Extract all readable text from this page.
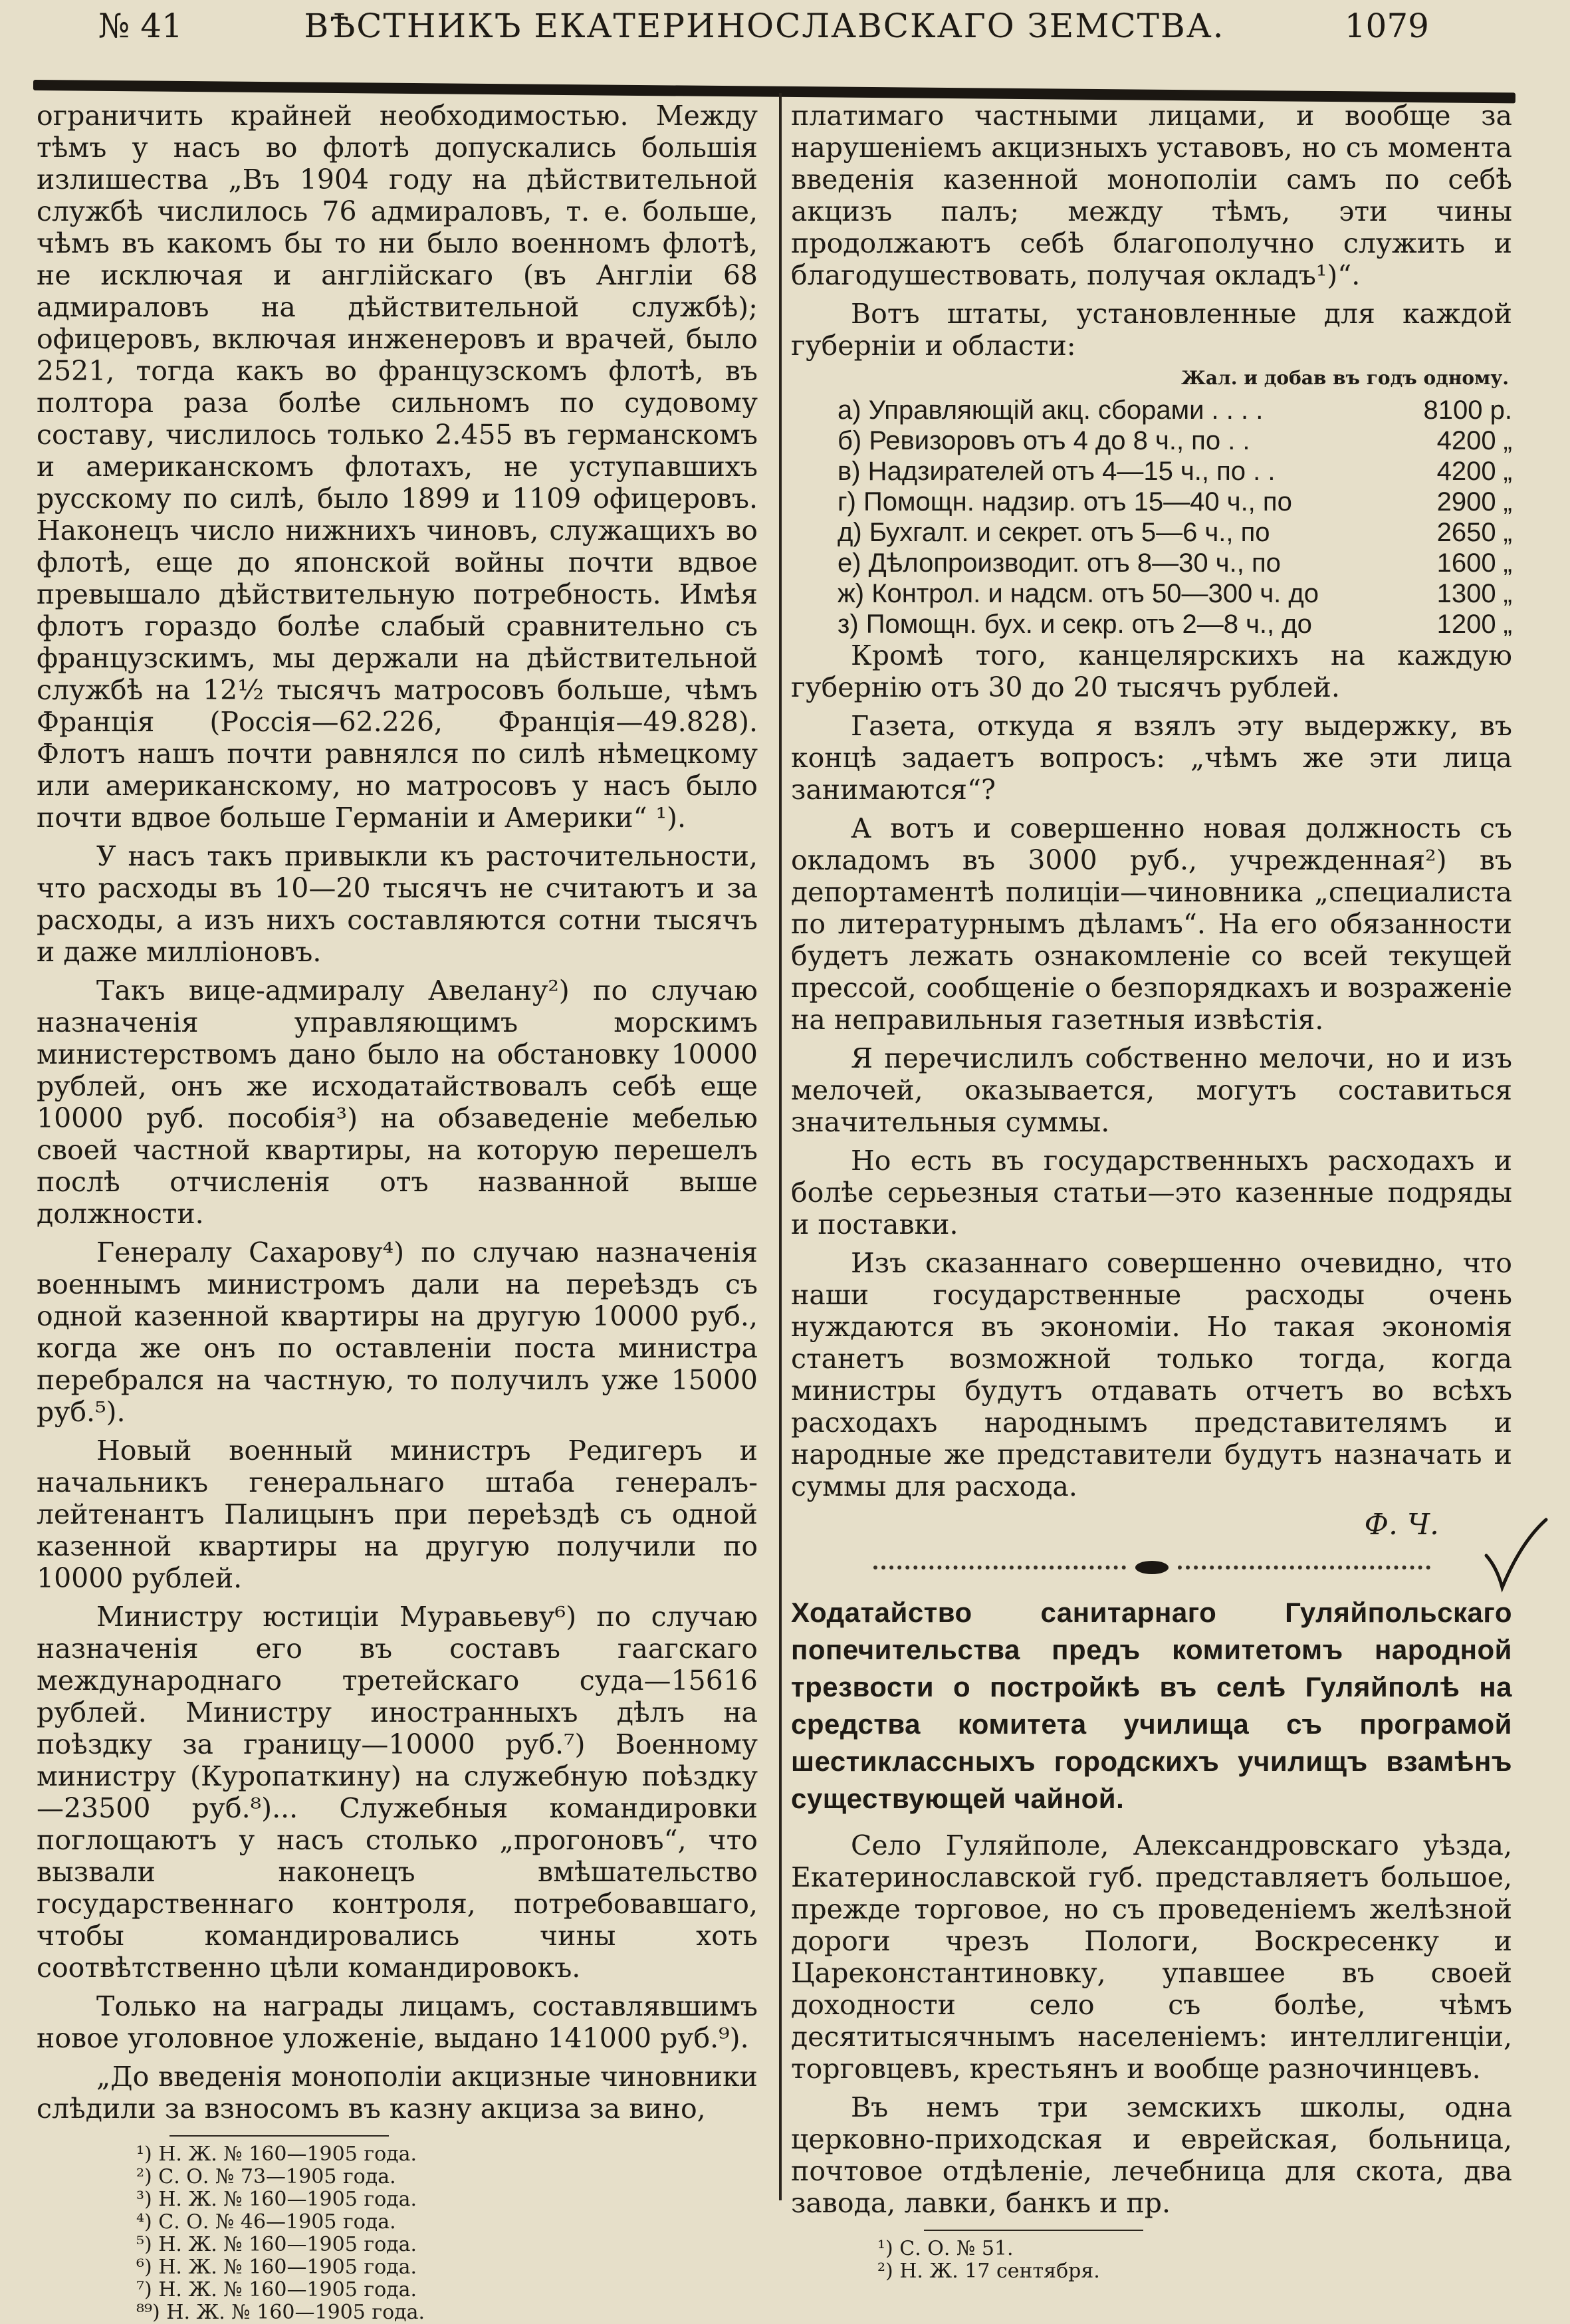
№ 41	ВѢСТНИКЪ ЕКАТЕРИНОСЛАВСКАГО ЗЕМСТВА.	1079

ограничить крайней необходимостью. Между тѣмъ у насъ во флотѣ допускались большія излишества „Въ 1904 году на дѣйствительной службѣ числилось 76 адмираловъ, т. е. больше, чѣмъ въ какомъ бы то ни было военномъ флотѣ, не исключая и англійскаго (въ Англіи 68 адмираловъ на дѣйствительной службѣ); офицеровъ, включая инженеровъ и врачей, было 2521, тогда какъ во французскомъ флотѣ, въ полтора раза болѣе сильномъ по судовому составу, числилось только 2.455 въ германскомъ и американскомъ флотахъ, не уступавшихъ русскому по силѣ, было 1899 и 1109 офицеровъ. Наконецъ число нижнихъ чиновъ, служащихъ во флотѣ, еще до японской войны почти вдвое превышало дѣйствительную потребность. Имѣя флотъ гораздо болѣе слабый сравнительно съ французскимъ, мы держали на дѣйствительной службѣ на 12½ тысячъ матросовъ больше, чѣмъ Франція (Россія—62.226, Франція—49.828). Флотъ нашъ почти равнялся по силѣ нѣмецкому или американскому, но матросовъ у насъ было почти вдвое больше Германіи и Америки“ ¹).

У насъ такъ привыкли къ расточительности, что расходы въ 10—20 тысячъ не считаютъ и за расходы, а изъ нихъ составляются сотни тысячъ и даже милліоновъ.

Такъ вице-адмиралу Авелану²) по случаю назначенія управляющимъ морскимъ министерствомъ дано было на обстановку 10000 рублей, онъ же исходатайствовалъ себѣ еще 10000 руб. пособія³) на обзаведеніе мебелью своей частной квартиры, на которую перешелъ послѣ отчисленія отъ названной выше должности.

Генералу Сахарову⁴) по случаю назначенія военнымъ министромъ дали на переѣздъ съ одной казенной квартиры на другую 10000 руб., когда же онъ по оставленіи поста министра перебрался на частную, то получилъ уже 15000 руб.⁵).

Новый военный министръ Редигеръ и начальникъ генеральнаго штаба генералъ-лейтенантъ Палицынъ при переѣздѣ съ одной казенной квартиры на другую получили по 10000 рублей.

Министру юстиціи Муравьеву⁶) по случаю назначенія его въ составъ гаагскаго международнаго третейскаго суда—15616 рублей. Министру иностранныхъ дѣлъ на поѣздку за границу—10000 руб.⁷) Военному министру (Куропаткину) на служебную поѣздку—23500 руб.⁸)... Служебныя командировки поглощаютъ у насъ столько „прогоновъ“, что вызвали наконецъ вмѣшательство государственнаго контроля, потребовавшаго, чтобы командировались чины хоть соотвѣтственно цѣли командировокъ.

Только на награды лицамъ, составлявшимъ новое уголовное уложеніе, выдано 141000 руб.⁹).

„До введенія монополіи акцизные чиновники слѣдили за взносомъ въ казну акциза за вино,

¹) Н. Ж. № 160—1905 года.
²) С. О. № 73—1905 года.
³) Н. Ж. № 160—1905 года.
⁴) С. О. № 46—1905 года.
⁵) Н. Ж. № 160—1905 года.
⁶) Н. Ж. № 160—1905 года.
⁷) Н. Ж. № 160—1905 года.
⁸⁹) Н. Ж. № 160—1905 года.

платимаго частными лицами, и вообще за нарушеніемъ акцизныхъ уставовъ, но съ момента введенія казенной монополіи самъ по себѣ акцизъ палъ; между тѣмъ, эти чины продолжаютъ себѣ благополучно служить и благодушествовать, получая окладъ¹)“.

Вотъ штаты, установленные для каждой губерніи и области:

Жал. и добав въ годъ одному.
а) Управляющій акц. сборами . . . .	8100 р.
б) Ревизоровъ отъ 4 до 8 ч., по . .	4200 „
в) Надзирателей отъ 4—15 ч., по . .	4200 „
г) Помощн. надзир. отъ 15—40 ч., по	2900 „
д) Бухгалт. и секрет. отъ 5—6 ч., по	2650 „
е) Дѣлопроизводит. отъ 8—30 ч., по	1600 „
ж) Контрол. и надсм. отъ 50—300 ч. до	1300 „
з) Помощн. бух. и секр. отъ 2—8 ч., до	1200 „

Кромѣ того, канцелярскихъ на каждую губернію отъ 30 до 20 тысячъ рублей.

Газета, откуда я взялъ эту выдержку, въ концѣ задаетъ вопросъ: „чѣмъ же эти лица занимаются“?

А вотъ и совершенно новая должность съ окладомъ въ 3000 руб., учрежденная²) въ депортаментѣ полиціи—чиновника „специалиста по литературнымъ дѣламъ“. На его обязанности будетъ лежать ознакомленіе со всей текущей прессой, сообщеніе о безпорядкахъ и возраженіе на неправильныя газетныя извѣстія.

Я перечислилъ собственно мелочи, но и изъ мелочей, оказывается, могутъ составиться значительныя суммы.

Но есть въ государственныхъ расходахъ и болѣе серьезныя статьи—это казенные подряды и поставки.

Изъ сказаннаго совершенно очевидно, что наши государственные расходы очень нуждаются въ экономіи. Но такая экономія станетъ возможной только тогда, когда министры будутъ отдавать отчетъ во всѣхъ расходахъ народнымъ представителямъ и народные же представители будутъ назначать и суммы для расхода.

Ф. Ч.
Ходатайство санитарнаго Гуляйпольскаго попечительства предъ комитетомъ народной трезвости о постройкѣ въ селѣ Гуляйполѣ на средства комитета училища съ програмой шестиклассныхъ городскихъ училищъ взамѣнъ существующей чайной.

Село Гуляйполе, Александровскаго уѣзда, Екатеринославской губ. представляетъ большое, прежде торговое, но съ проведеніемъ желѣзной дороги чрезъ Пологи, Воскресенку и Цареконстантиновку, упавшее въ своей доходности село съ болѣе, чѣмъ десятитысячнымъ населеніемъ: интеллигенціи, торговцевъ, крестьянъ и вообще разночинцевъ.

Въ немъ три земскихъ школы, одна церковно-приходская и еврейская, больница, почтовое отдѣленіе, лечебница для скота, два завода, лавки, банкъ и пр.

¹) С. О. № 51.
²) Н. Ж. 17 сентября.
